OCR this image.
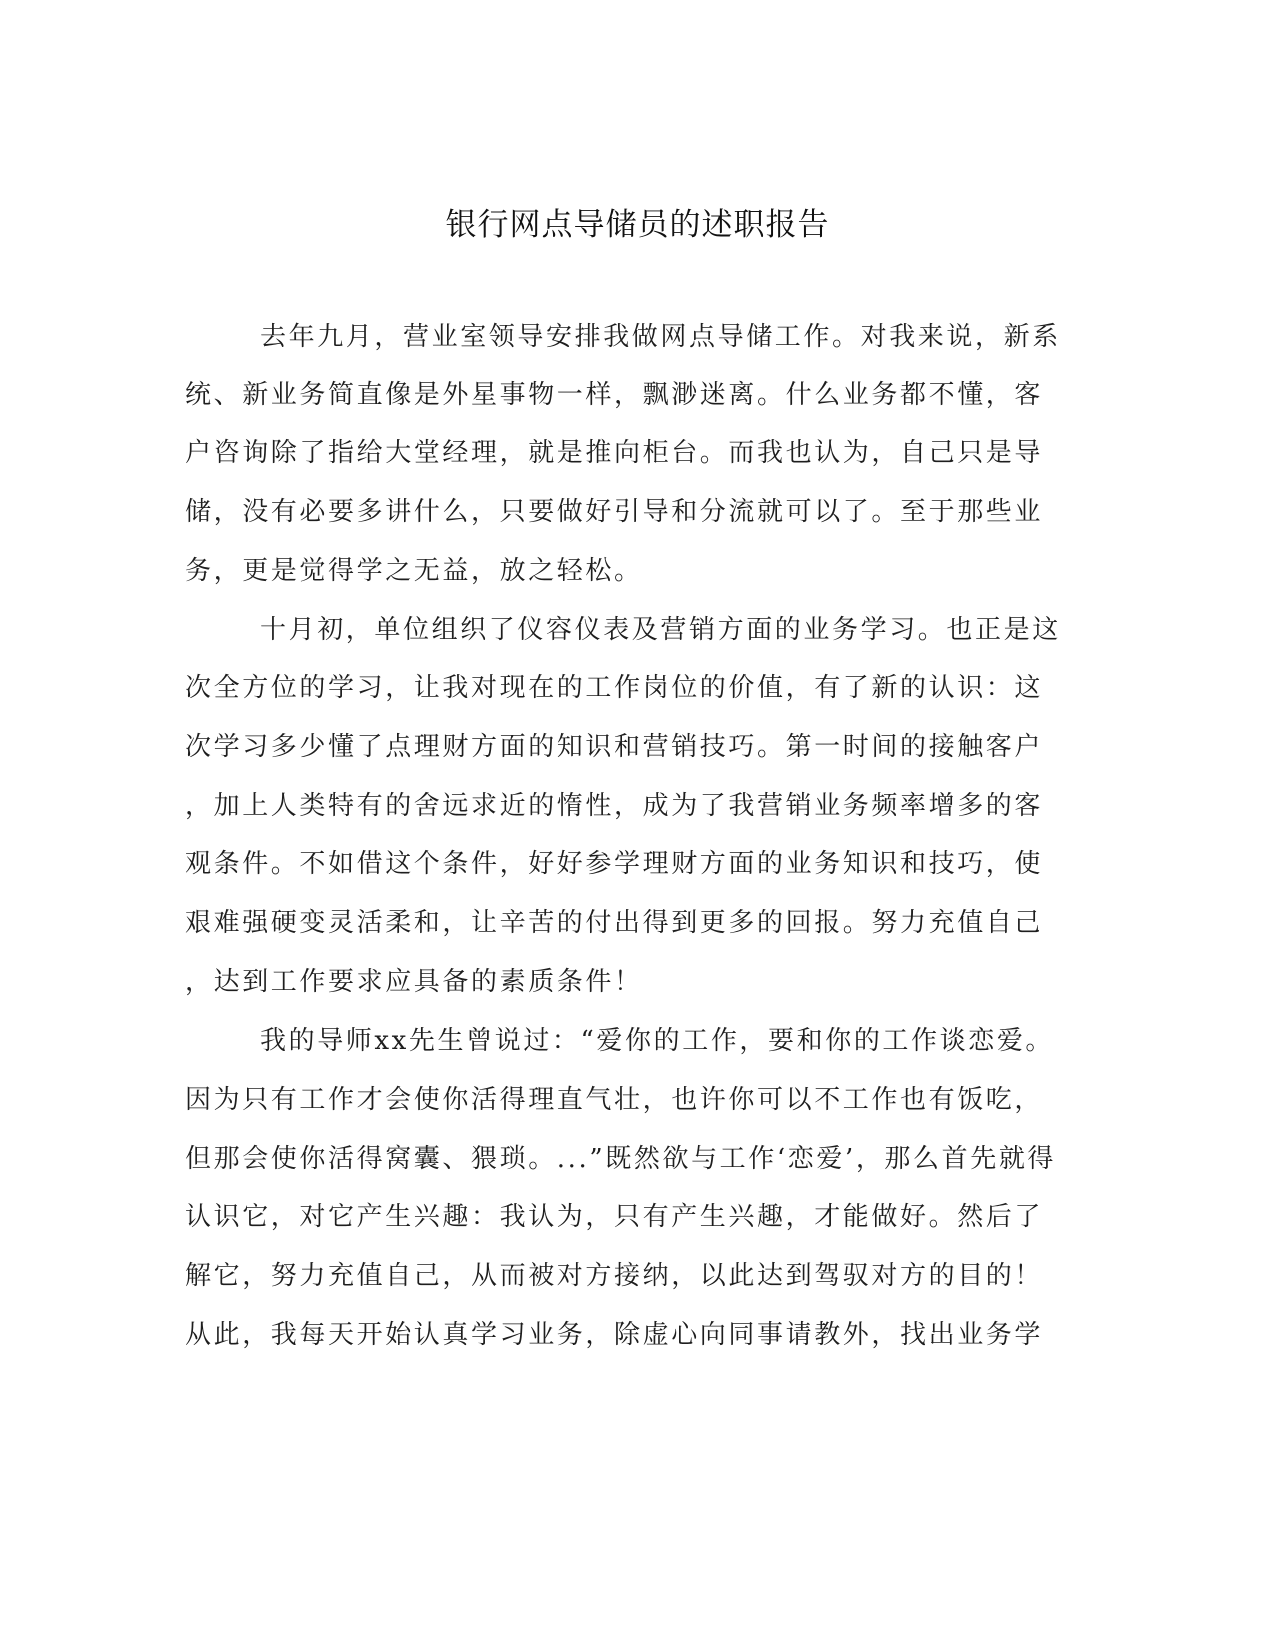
银行网点导储员的述职报告
去年九月，营业室领导安排我做网点导储工作。对我来说，新系
统、新业务简直像是外星事物一样，飘渺迷离。什么业务都不懂，客
户咨询除了指给大堂经理，就是推向柜台。而我也认为，自己只是导
储，没有必要多讲什么，只要做好引导和分流就可以了。至于那些业
务，更是觉得学之无益，放之轻松。
十月初，单位组织了仪容仪表及营销方面的业务学习。也正是这
次全方位的学习，让我对现在的工作岗位的价值，有了新的认识：这
次学习多少懂了点理财方面的知识和营销技巧。第一时间的接触客户
，加上人类特有的舍远求近的惰性，成为了我营销业务频率增多的客
观条件。不如借这个条件，好好参学理财方面的业务知识和技巧，使
艰难强硬变灵活柔和，让辛苦的付出得到更多的回报。努力充值自己
，达到工作要求应具备的素质条件！
我的导师xx先生曾说过：“爱你的工作，要和你的工作谈恋爱。
因为只有工作才会使你活得理直气壮，也许你可以不工作也有饭吃，
但那会使你活得窝囊、猥琐。...”既然欲与工作‘恋爱’，那么首先就得
认识它，对它产生兴趣：我认为，只有产生兴趣，才能做好。然后了
解它，努力充值自己，从而被对方接纳，以此达到驾驭对方的目的！
从此，我每天开始认真学习业务，除虚心向同事请教外，找出业务学
